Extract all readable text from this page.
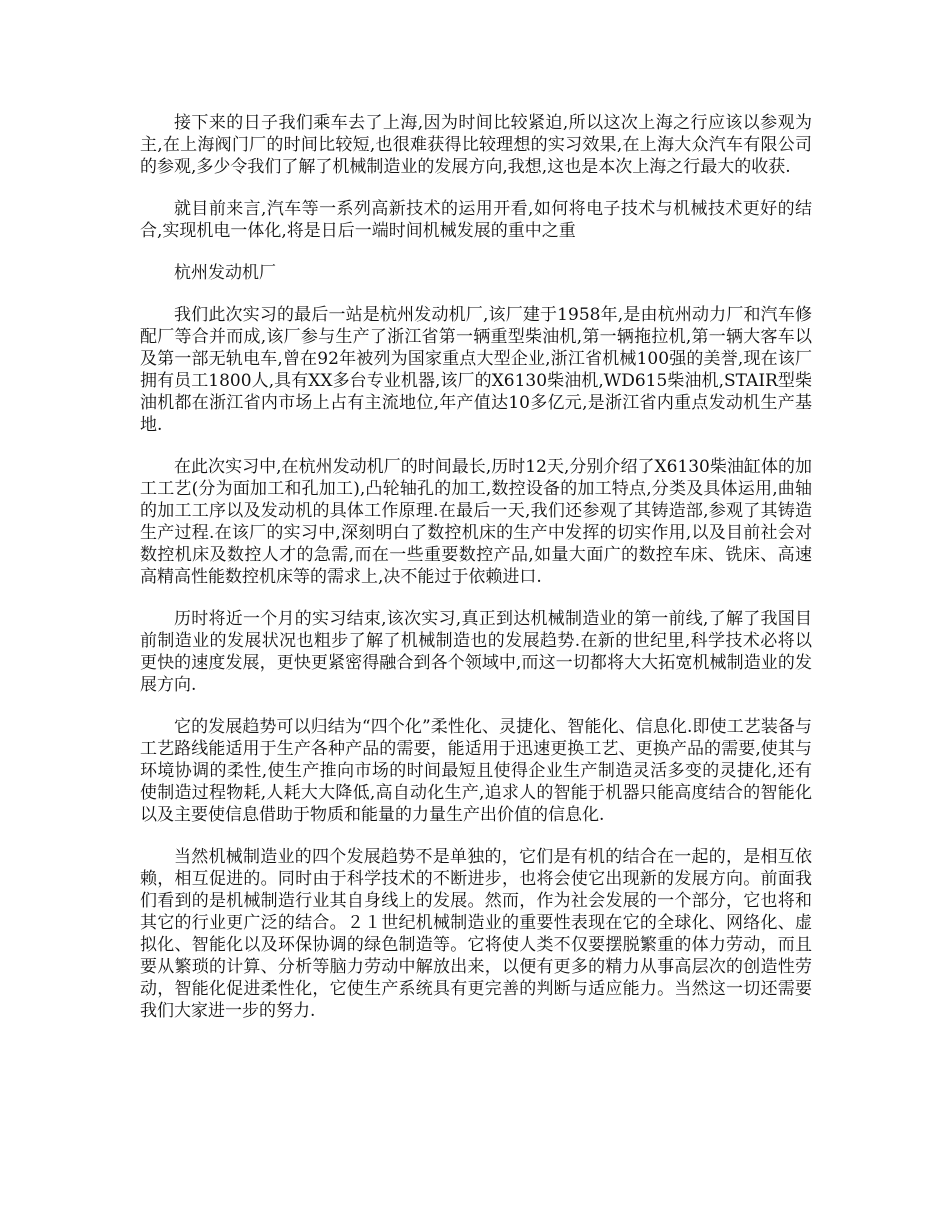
接下来的日子我们乘车去了上海,因为时间比较紧迫,所以这次上海之行应该以参观为主,在上海阀门厂的时间比较短,也很难获得比较理想的实习效果,在上海大众汽车有限公司的参观,多少令我们了解了机械制造业的发展方向,我想,这也是本次上海之行最大的收获.

就目前来言,汽车等一系列高新技术的运用开看,如何将电子技术与机械技术更好的结合,实现机电一体化,将是日后一端时间机械发展的重中之重

杭州发动机厂

我们此次实习的最后一站是杭州发动机厂,该厂建于1958年,是由杭州动力厂和汽车修配厂等合并而成,该厂参与生产了浙江省第一辆重型柴油机,第一辆拖拉机,第一辆大客车以及第一部无轨电车,曾在92年被列为国家重点大型企业,浙江省机械100强的美誉,现在该厂拥有员工1800人,具有XX多台专业机器,该厂的X6130柴油机,WD615柴油机,STAIR型柴油机都在浙江省内市场上占有主流地位,年产值达10多亿元,是浙江省内重点发动机生产基地.

在此次实习中,在杭州发动机厂的时间最长,历时12天,分别介绍了X6130柴油缸体的加工工艺(分为面加工和孔加工),凸轮轴孔的加工,数控设备的加工特点,分类及具体运用,曲轴的加工工序以及发动机的具体工作原理.在最后一天,我们还参观了其铸造部,参观了其铸造生产过程.在该厂的实习中,深刻明白了数控机床的生产中发挥的切实作用,以及目前社会对数控机床及数控人才的急需,而在一些重要数控产品,如量大面广的数控车床、铣床、高速高精高性能数控机床等的需求上,决不能过于依赖进口.

历时将近一个月的实习结束,该次实习,真正到达机械制造业的第一前线,了解了我国目前制造业的发展状况也粗步了解了机械制造也的发展趋势.在新的世纪里,科学技术必将以更快的速度发展，更快更紧密得融合到各个领域中,而这一切都将大大拓宽机械制造业的发展方向.

它的发展趋势可以归结为“四个化”柔性化、灵捷化、智能化、信息化.即使工艺装备与工艺路线能适用于生产各种产品的需要，能适用于迅速更换工艺、更换产品的需要,使其与环境协调的柔性,使生产推向市场的时间最短且使得企业生产制造灵活多变的灵捷化,还有使制造过程物耗,人耗大大降低,高自动化生产,追求人的智能于机器只能高度结合的智能化以及主要使信息借助于物质和能量的力量生产出价值的信息化.

当然机械制造业的四个发展趋势不是单独的，它们是有机的结合在一起的，是相互依赖，相互促进的。同时由于科学技术的不断进步，也将会使它出现新的发展方向。前面我们看到的是机械制造行业其自身线上的发展。然而，作为社会发展的一个部分，它也将和其它的行业更广泛的结合。２１世纪机械制造业的重要性表现在它的全球化、网络化、虚拟化、智能化以及环保协调的绿色制造等。它将使人类不仅要摆脱繁重的体力劳动，而且要从繁琐的计算、分析等脑力劳动中解放出来，以便有更多的精力从事高层次的创造性劳动，智能化促进柔性化，它使生产系统具有更完善的判断与适应能力。当然这一切还需要我们大家进一步的努力.
